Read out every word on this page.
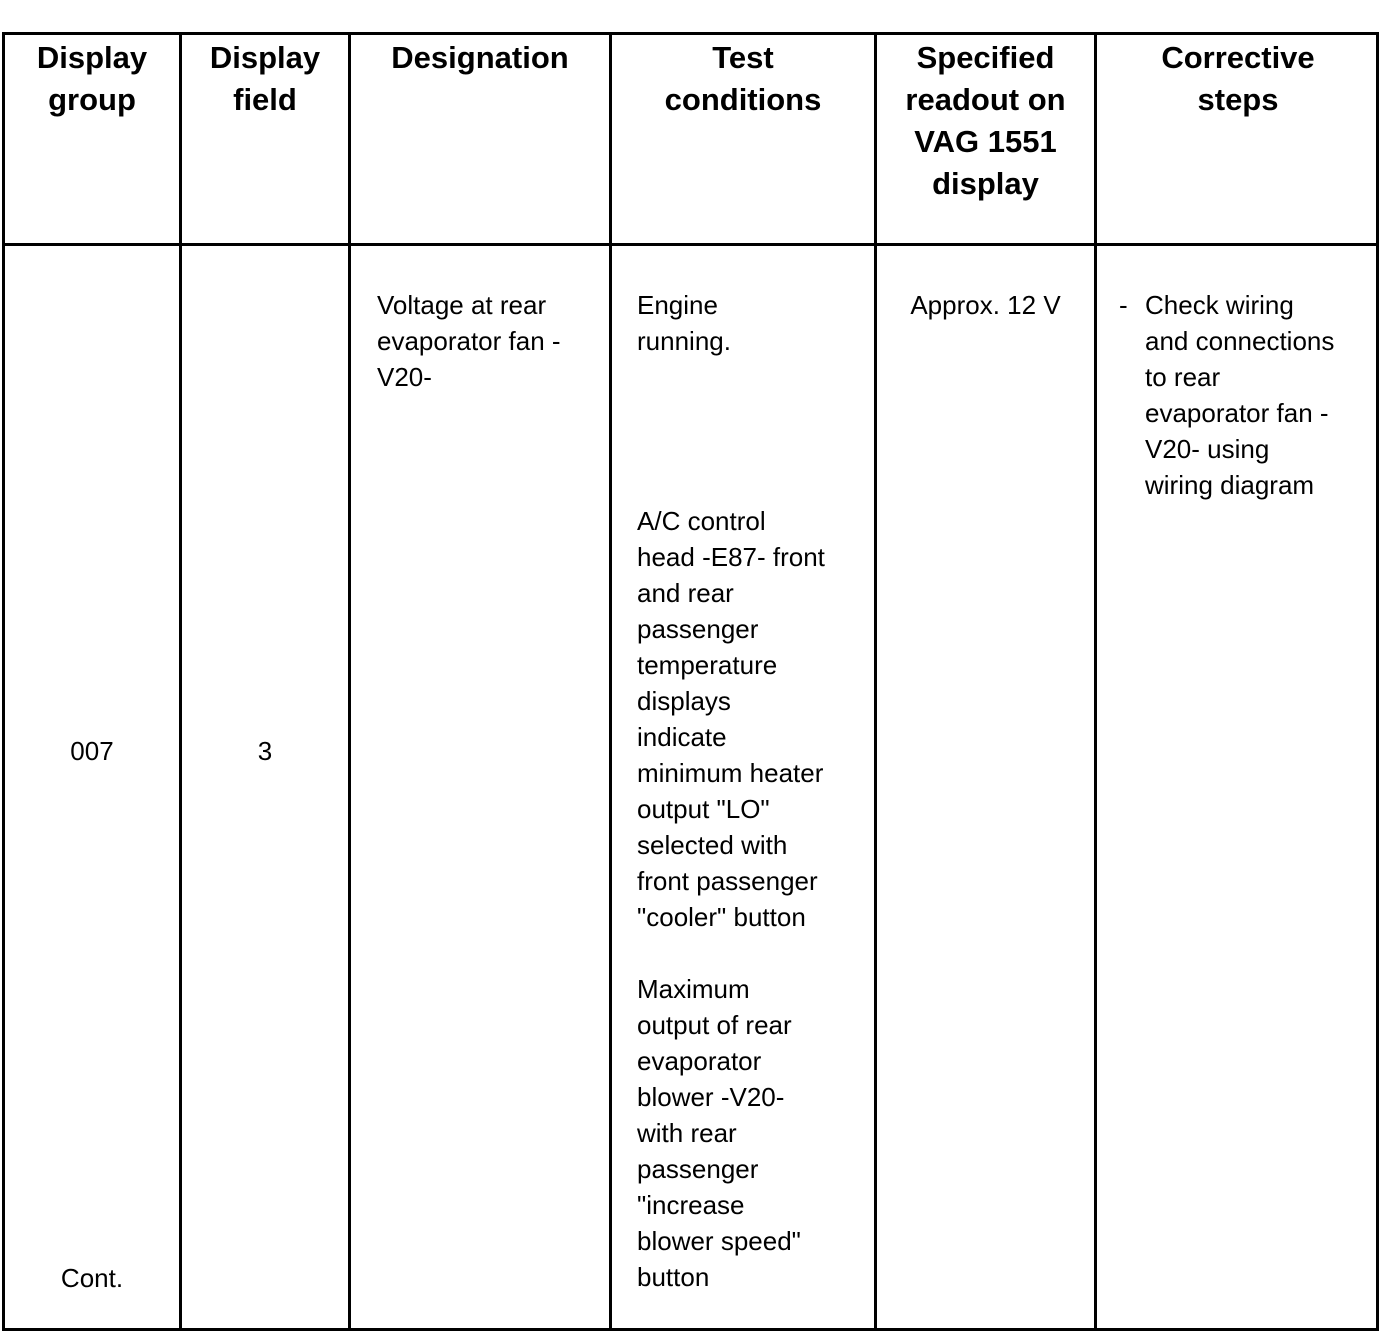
Display
group
Display
field
Designation	Test
conditions
Specified
readout on
VAG 1551
display
Corrective
steps
007
Cont.
3
Voltage at rear
evaporator fan -
V20-
Engine
running.
A/C control
head -E87- front
and rear
passenger
temperature
displays
indicate
minimum heater
output "LO"
selected with
front passenger
"cooler" button
Maximum
output of rear
evaporator
blower -V20-
with rear
passenger
"increase
blower speed"
button
Approx. 12 V	- Check wiring
and connections
to rear
evaporator fan -
V20- using
wiring diagram
